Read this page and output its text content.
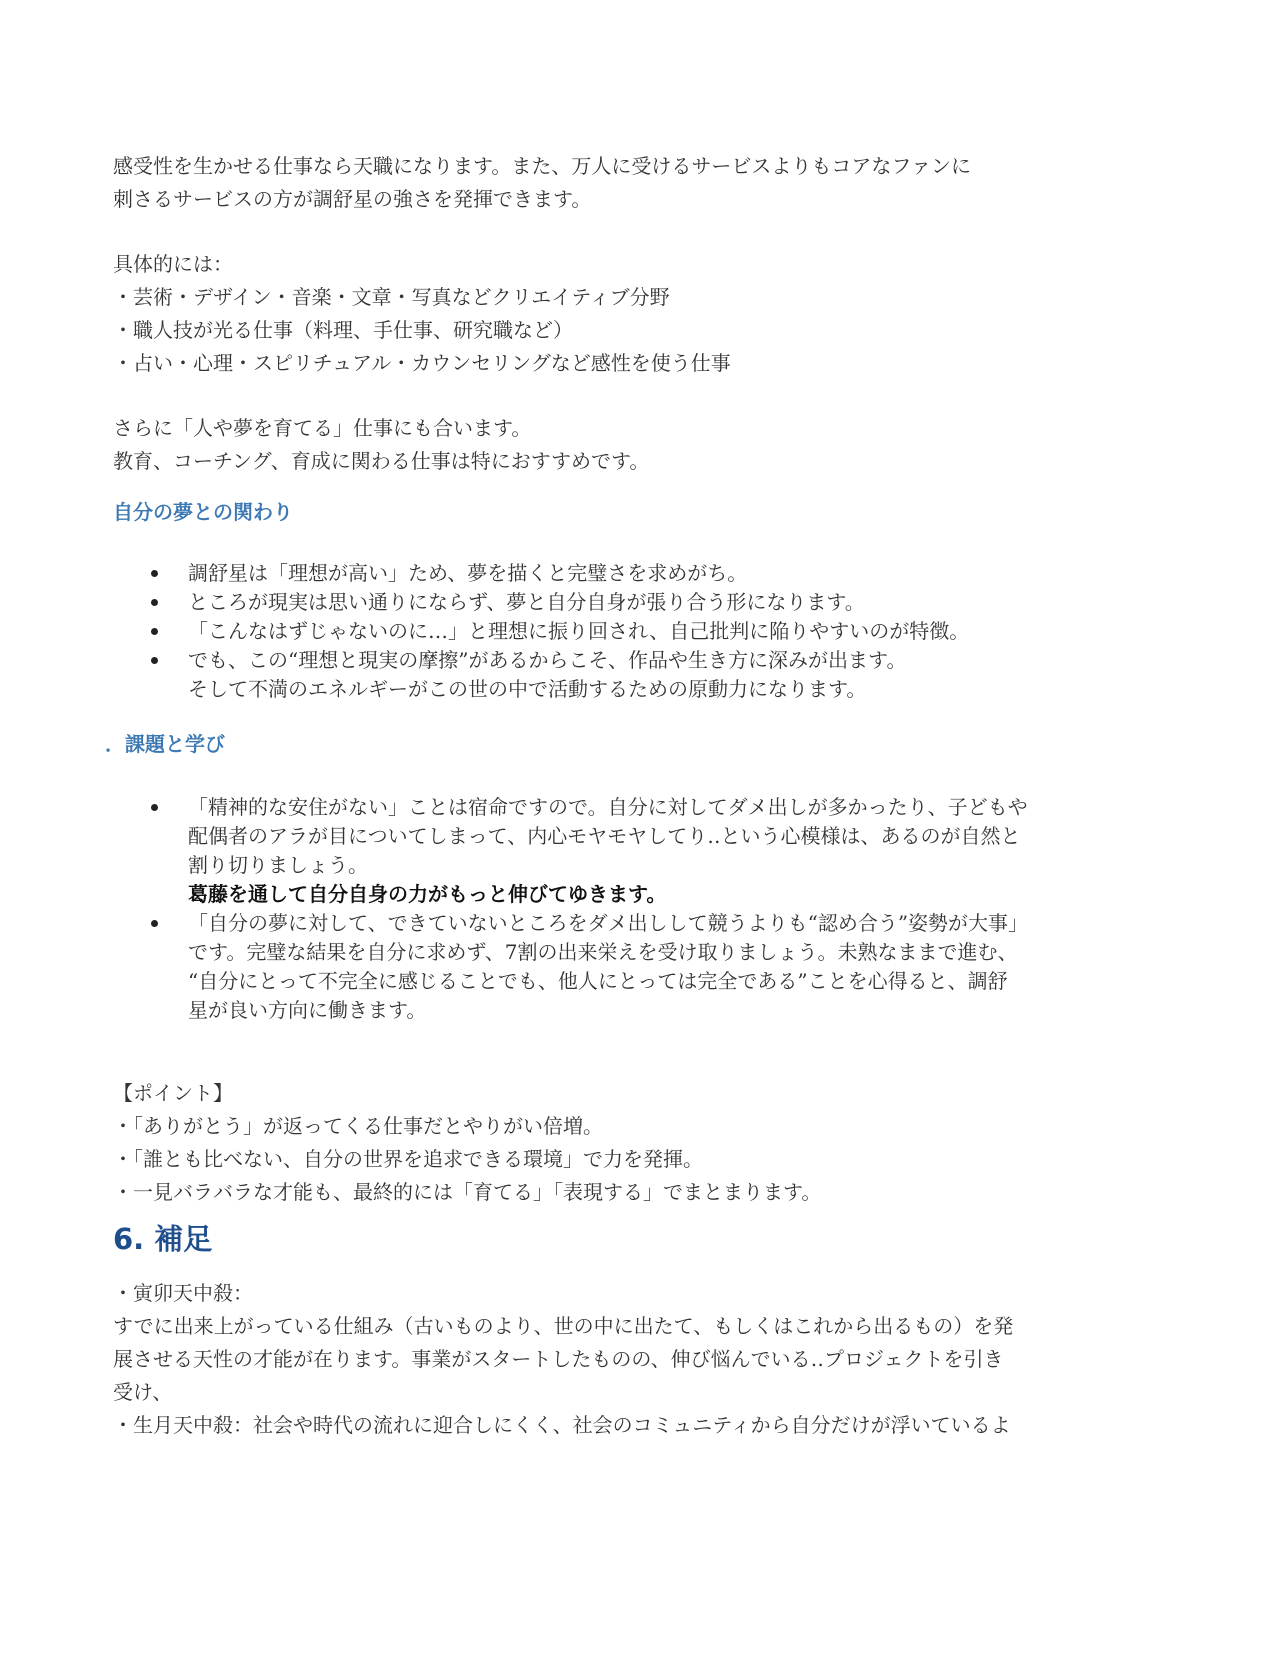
感受性を生かせる仕事なら天職になります。また、万人に受けるサービスよりもコアなファンに

刺さるサービスの方が調舒星の強さを発揮できます。

具体的には：

・芸術・デザイン・音楽・文章・写真などクリエイティブ分野

・職人技が光る仕事（料理、手仕事、研究職など）

・占い・心理・スピリチュアル・カウンセリングなど感性を使う仕事

さらに「人や夢を育てる」仕事にも合います。

教育、コーチング、育成に関わる仕事は特におすすめです。

自分の夢との関わり
調舒星は「理想が高い」ため、夢を描くと完璧さを求めがち。
ところが現実は思い通りにならず、夢と自分自身が張り合う形になります。
「こんなはずじゃないのに…」と理想に振り回され、自己批判に陥りやすいのが特徴。
でも、この“理想と現実の摩擦”があるからこそ、作品や生き方に深みが出ます。
そして不満のエネルギーがこの世の中で活動するための原動力になります。
．課題と学び
「精神的な安住がない」ことは宿命ですので。自分に対してダメ出しが多かったり、子どもや
配偶者のアラが目についてしまって、内心モヤモヤしてり‥という心模様は、あるのが自然と
割り切りましょう。
葛藤を通して自分自身の力がもっと伸びてゆきます。
「自分の夢に対して、できていないところをダメ出しして競うよりも“認め合う”姿勢が大事」
です。完璧な結果を自分に求めず、7割の出来栄えを受け取りましょう。未熟なままで進む、
“自分にとって不完全に感じることでも、他人にとっては完全である”ことを心得ると、調舒
星が良い方向に働きます。

【ポイント】

・「ありがとう」が返ってくる仕事だとやりがい倍増。

・「誰とも比べない、自分の世界を追求できる環境」で力を発揮。

・一見バラバラな才能も、最終的には「育てる」「表現する」でまとまります。

6. 補足

・寅卯天中殺：

すでに出来上がっている仕組み（古いものより、世の中に出たて、もしくはこれから出るもの）を発

展させる天性の才能が在ります。事業がスタートしたものの、伸び悩んでいる‥プロジェクトを引き

受け、

・生月天中殺：社会や時代の流れに迎合しにくく、社会のコミュニティから自分だけが浮いているよ
